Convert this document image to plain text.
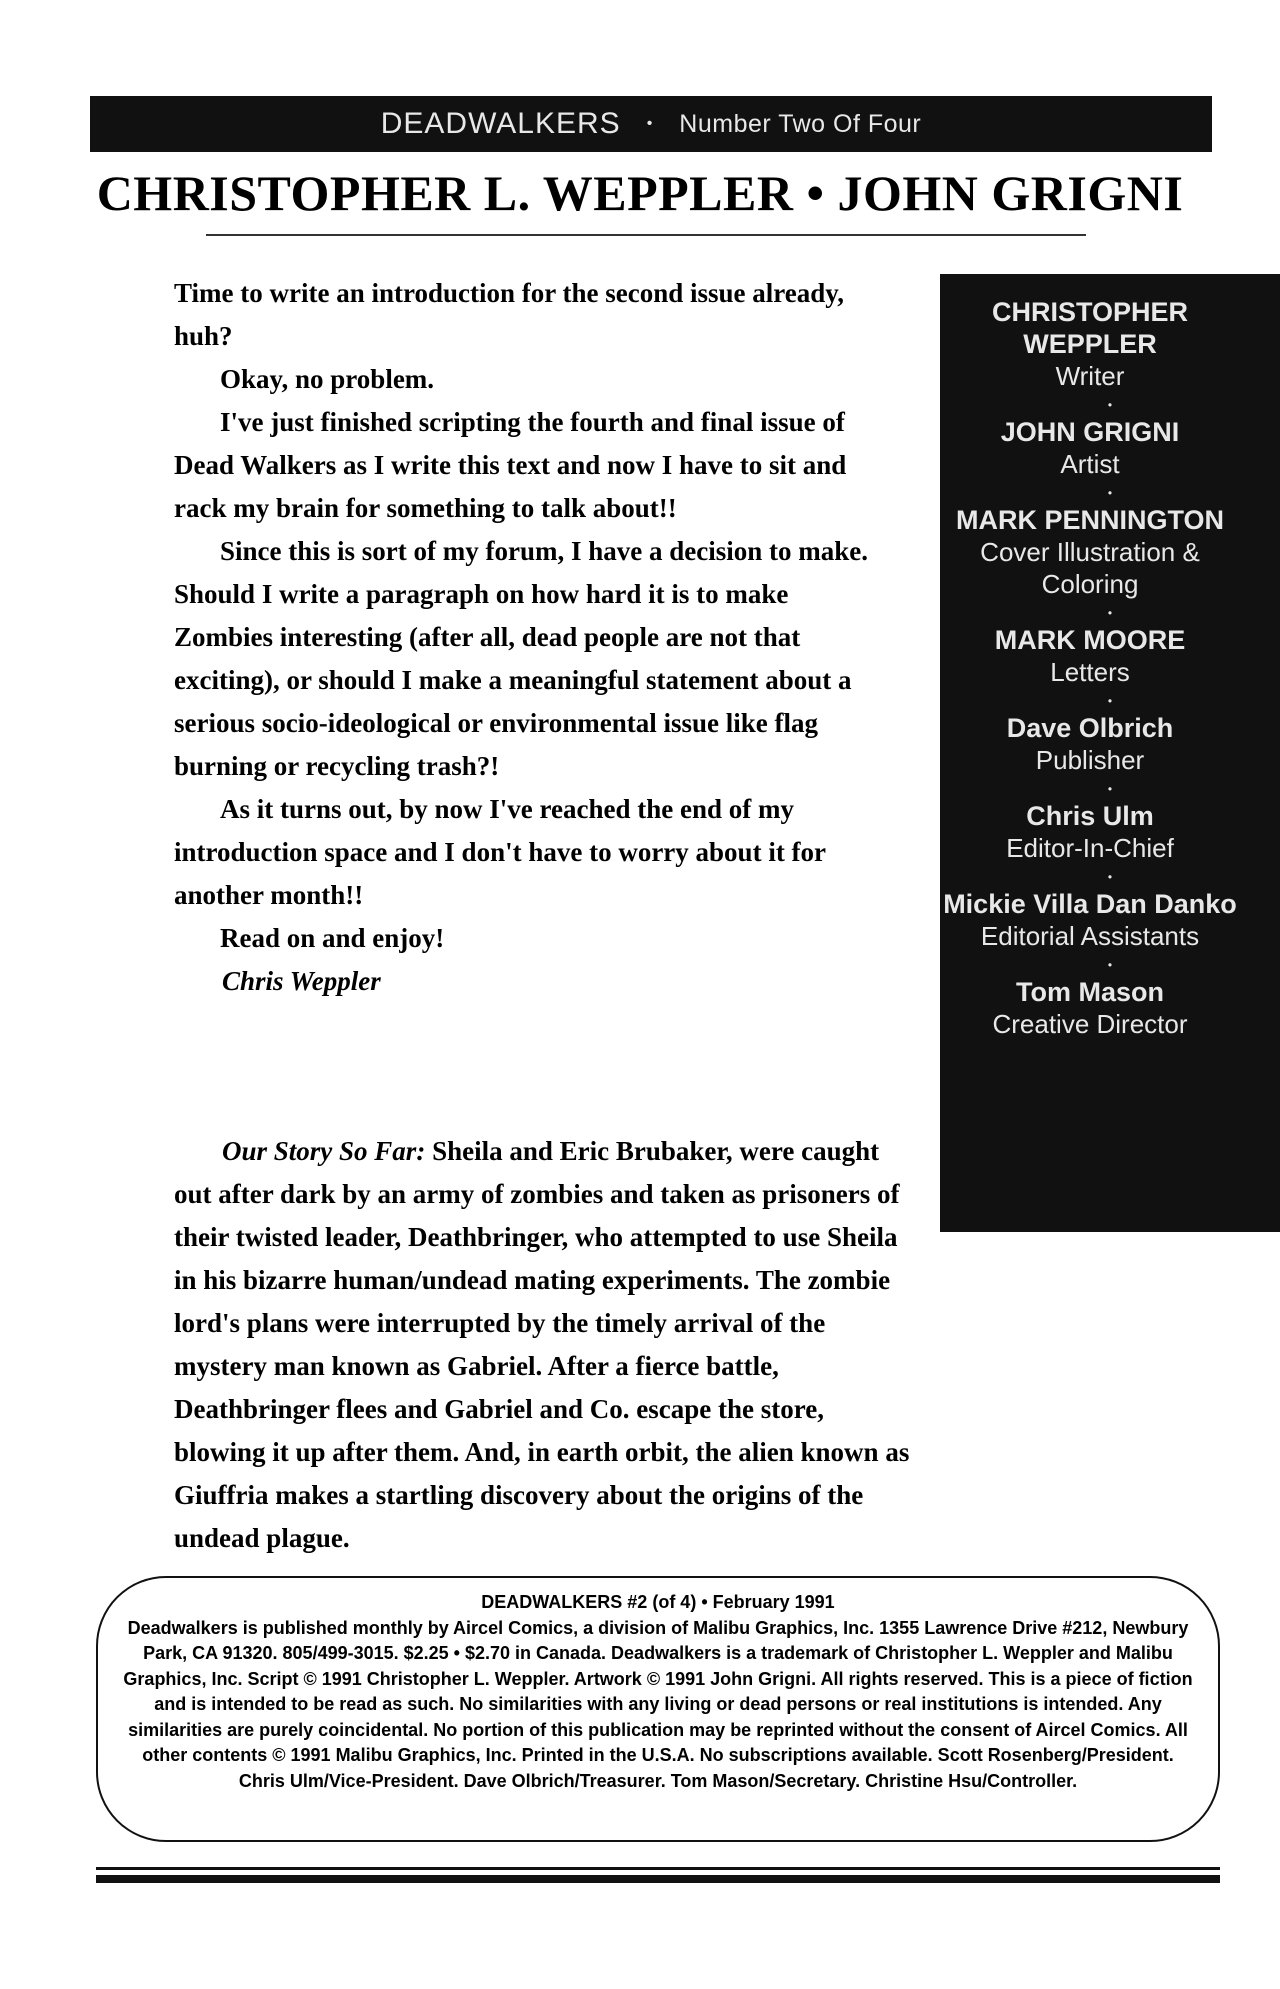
DEADWALKERS • Number Two Of Four
CHRISTOPHER L. WEPPLER • JOHN GRIGNI

Time to write an introduction for the second issue already, huh?

Okay, no problem.

I've just finished scripting the fourth and final issue of Dead Walkers as I write this text and now I have to sit and rack my brain for something to talk about!!

Since this is sort of my forum, I have a decision to make. Should I write a paragraph on how hard it is to make Zombies interesting (after all, dead people are not that exciting), or should I make a meaningful statement about a serious socio-ideological or environmental issue like flag burning or recycling trash?!

As it turns out, by now I've reached the end of my introduction space and I don't have to worry about it for another month!!

Read on and enjoy!

Chris Weppler

Our Story So Far: Sheila and Eric Brubaker, were caught out after dark by an army of zombies and taken as prisoners of their twisted leader, Deathbringer, who attempted to use Sheila in his bizarre human/undead mating experiments. The zombie lord's plans were interrupted by the timely arrival of the mystery man known as Gabriel. After a fierce battle, Deathbringer flees and Gabriel and Co. escape the store, blowing it up after them. And, in earth orbit, the alien known as Giuffria makes a startling discovery about the origins of the undead plague.

CHRISTOPHER WEPPLER
Writer
•
JOHN GRIGNI
Artist
•
MARK PENNINGTON
Cover Illustration & Coloring
•
MARK MOORE
Letters
•
Dave Olbrich
Publisher
•
Chris Ulm
Editor-In-Chief
•
Mickie Villa Dan Danko
Editorial Assistants
•
Tom Mason
Creative Director
DEADWALKERS #2 (of 4) • February 1991

Deadwalkers is published monthly by Aircel Comics, a division of Malibu Graphics, Inc. 1355 Lawrence Drive #212, Newbury Park, CA 91320. 805/499-3015. $2.25 • $2.70 in Canada. Deadwalkers is a trademark of Christopher L. Weppler and Malibu Graphics, Inc. Script © 1991 Christopher L. Weppler. Artwork © 1991 John Grigni. All rights reserved. This is a piece of fiction and is intended to be read as such. No similarities with any living or dead persons or real institutions is intended. Any similarities are purely coincidental. No portion of this publication may be reprinted without the consent of Aircel Comics. All other contents © 1991 Malibu Graphics, Inc. Printed in the U.S.A. No subscriptions available. Scott Rosenberg/President. Chris Ulm/Vice-President. Dave Olbrich/Treasurer. Tom Mason/Secretary. Christine Hsu/Controller.
